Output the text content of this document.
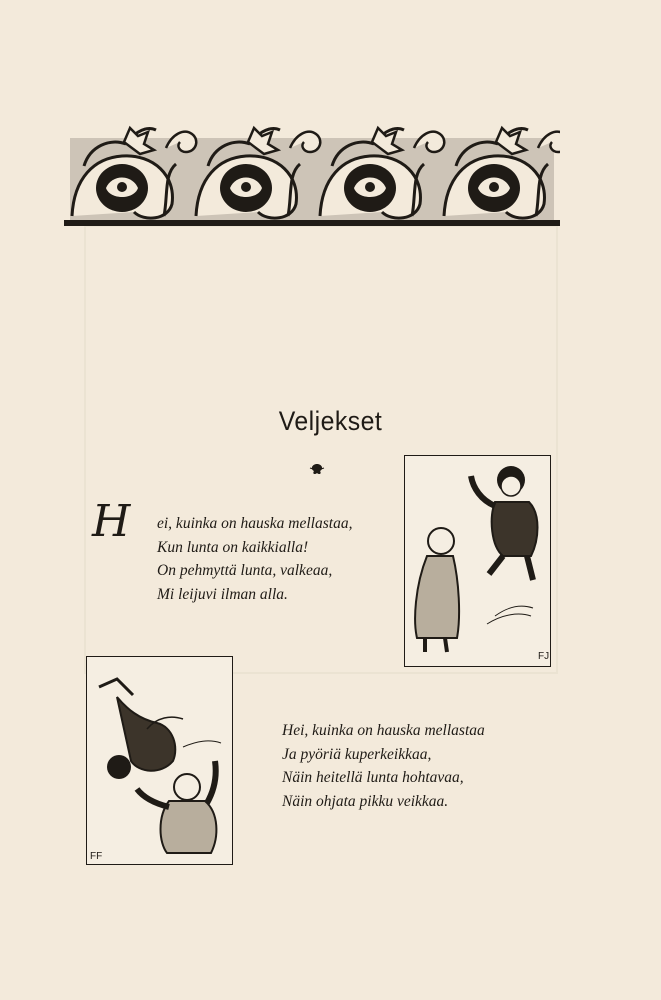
Veljekset
H ei, kuinka on hauska mellastaa,
Kun lunta on kaikkialla!
On pehmyttä lunta, valkeaa,
Mi leijuvi ilman alla.
FJ
FF
Hei, kuinka on hauska mellastaa
Ja pyöriä kuperkeikkaa,
Näin heitellä lunta hohtavaa,
Näin ohjata pikku veikkaa.
